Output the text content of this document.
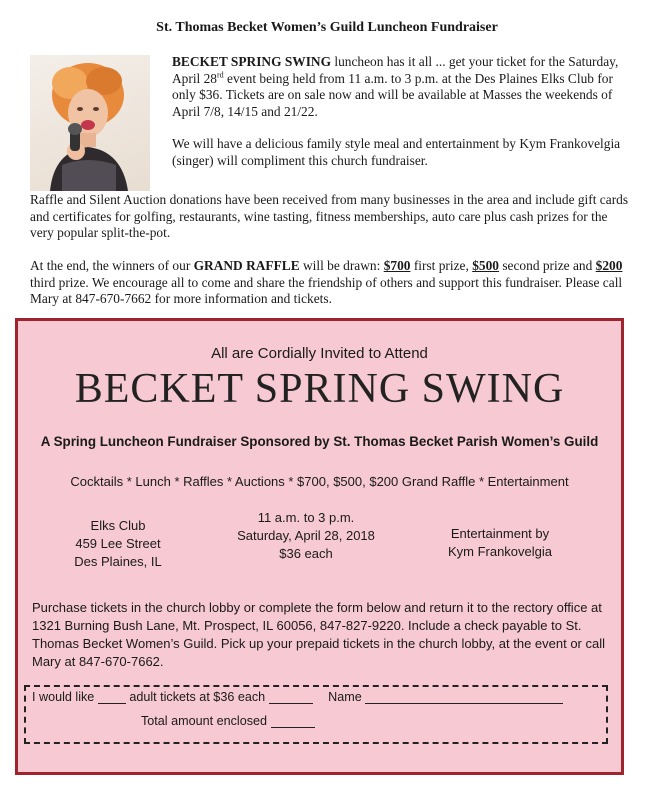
St. Thomas Becket Women’s Guild Luncheon Fundraiser

BECKET SPRING SWING luncheon has it all ... get your ticket for the Saturday, April 28rd event being held from 11 a.m. to 3 p.m. at the Des Plaines Elks Club for only $36. Tickets are on sale now and will be available at Masses the weekends of April 7/8, 14/15 and 21/22.

We will have a delicious family style meal and entertainment by Kym Frankovelgia (singer) will compliment this church fundraiser.

Raffle and Silent Auction donations have been received from many businesses in the area and include gift cards and certificates for golfing, restaurants, wine tasting, fitness memberships, auto care plus cash prizes for the very popular split-the-pot.

At the end, the winners of our GRAND RAFFLE will be drawn: $700 first prize, $500 second prize and $200 third prize. We encourage all to come and share the friendship of others and support this fundraiser. Please call Mary at 847-670-7662 for more information and tickets.

All are Cordially Invited to Attend
BECKET SPRING SWING
A Spring Luncheon Fundraiser Sponsored by St. Thomas Becket Parish Women’s Guild
Cocktails * Lunch * Raffles * Auctions * $700, $500, $200 Grand Raffle * Entertainment
Elks Club
459 Lee Street
Des Plaines, IL
11 a.m. to 3 p.m.
Saturday, April 28, 2018
$36 each
Entertainment by
Kym Frankovelgia
Purchase tickets in the church lobby or complete the form below and return it to the rectory office at 1321 Burning Bush Lane, Mt. Prospect, IL 60056, 847-827-9220. Include a check payable to St. Thomas Becket Women’s Guild. Pick up your prepaid tickets in the church lobby, at the event or call Mary at 847-670-7662.
I would like	adult tickets at $36 each	Name
Total amount enclosed
